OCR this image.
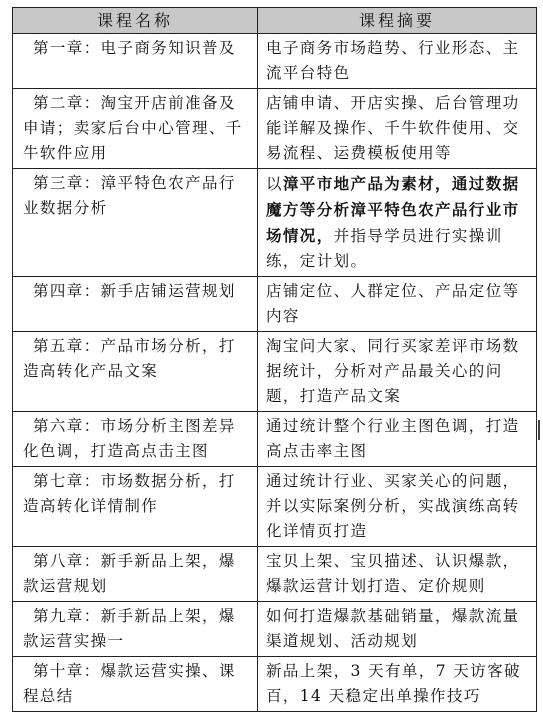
课程名称	课程摘要
第一章：电子商务知识普及	电子商务市场趋势、行业形态、主流平台特色
第二章：淘宝开店前准备及申请；卖家后台中心管理、千牛软件应用	店铺申请、开店实操、后台管理功能详解及操作、千牛软件使用、交易流程、运费模板使用等
第三章：漳平特色农产品行业数据分析	以漳平市地产品为素材，通过数据魔方等分析漳平特色农产品行业市场情况，并指导学员进行实操训练，定计划。
第四章：新手店铺运营规划	店铺定位、人群定位、产品定位等内容
第五章：产品市场分析，打造高转化产品文案	淘宝问大家、同行买家差评市场数据统计，分析对产品最关心的问题，打造产品文案
第六章：市场分析主图差异化色调，打造高点击主图	通过统计整个行业主图色调，打造高点击率主图
第七章：市场数据分析，打造高转化详情制作	通过统计行业、买家关心的问题，并以实际案例分析，实战演练高转化详情页打造
第八章：新手新品上架，爆款运营规划	宝贝上架、宝贝描述、认识爆款，爆款运营计划打造、定价规则
第九章：新手新品上架，爆款运营实操一	如何打造爆款基础销量，爆款流量渠道规划、活动规划
第十章：爆款运营实操、课程总结	新品上架，3 天有单，7 天访客破百，14 天稳定出单操作技巧
